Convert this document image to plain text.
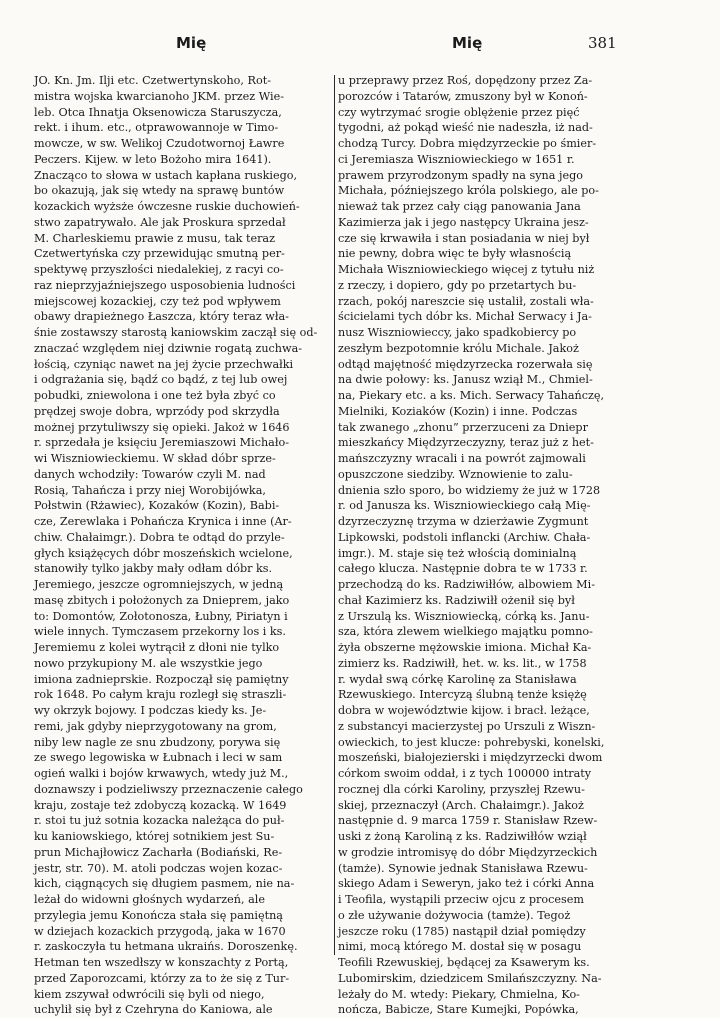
Mię	Mię	381
JO. Kn. Jm. Ilji etc. Czetwertynskoho, Rot-
mistra wojska kwarcianoho JKM. przez Wie-
leb. Otca Ihnatja Oksenowicza Staruszycza,
rekt. i ihum. etc., otprawowannoje w Timo-
mowcze, w sw. Welikoj Czudotwornoj Ławre
Peczers. Kijew. w leto Bożoho mira 1641).
Znacząco to słowa w ustach kapłana ruskiego,
bo okazują, jak się wtedy na sprawę buntów
kozackich wyżsże ówczesne ruskie duchowień-
stwo zapatrywało. Ale jak Proskura sprzedał
M. Charleskiemu prawie z musu, tak teraz
Czetwertyńska czy przewidując smutną per-
spektywę przyszłości niedalekiej, z racyi co-
raz nieprzyjaźniejszego usposobienia ludności
miejscowej kozackiej, czy też pod wpływem
obawy drapieżnego Łaszcza, który teraz wła-
śnie zostawszy starostą kaniowskim zaczął się od-
znaczać względem niej dziwnie rogatą zuchwa-
łością, czyniąc nawet na jej życie przechwałki
i odgrażania się, bądź co bądź, z tej lub owej
pobudki, zniewolona i one też była zbyć co
prędzej swoje dobra, wprzódy pod skrzydła
możnej przytuliwszy się opieki. Jakoż w 1646
r. sprzedała je księciu Jeremiaszowi Michało-
wi Wiszniowieckiemu. W skład dóbr sprze-
danych wchodziły: Towarów czyli M. nad
Rosią, Tahańcza i przy niej Worobijówka,
Połstwin (Rżawiec), Kozaków (Kozin), Babi-
cze, Zerewlaka i Pohańcza Krynica i inne (Ar-
chiw. Chałaimgr.). Dobra te odtąd do przyle-
głych książęcych dóbr moszeńskich wcielone,
stanowiły tylko jakby mały odłam dóbr ks.
Jeremiego, jeszcze ogromniejszych, w jedną
masę zbitych i położonych za Dnieprem, jako
to: Domontów, Zołotonosza, Łubny, Piriatyn i
wiele innych. Tymczasem przekorny los i ks.
Jeremiemu z kolei wytrącił z dłoni nie tylko
nowo przykupiony M. ale wszystkie jego
imiona zadnieprskie. Rozpoczął się pamiętny
rok 1648. Po całym kraju rozległ się straszli-
wy okrzyk bojowy. I podczas kiedy ks. Je-
remi, jak gdyby nieprzygotowany na grom,
niby lew nagle ze snu zbudzony, porywa się
ze swego legowiska w Łubnach i leci w sam
ogień walki i bojów krwawych, wtedy już M.,
doznawszy i podzieliwszy przeznaczenie całego
kraju, zostaje też zdobyczą kozacką. W 1649
r. stoi tu już sotnia kozacka należąca do puł-
ku kaniowskiego, której sotnikiem jest Su-
prun Michajłowicz Zacharła (Bodiański, Re-
jestr, str. 70). M. atoli podczas wojen kozac-
kich, ciągnących się długiem pasmem, nie na-
leżał do widowni głośnych wydarzeń, ale
przylegia jemu Konończa stała się pamiętną
w dziejach kozackich przygodą, jaka w 1670
r. zaskoczyła tu hetmana ukraińs. Doroszenkę.
Hetman ten wszedłszy w konszachty z Portą,
przed Zaporozcami, którzy za to że się z Tur-
kiem zszywał odwrócili się byli od niego,
uchylił się był z Czehryna do Kaniowa, ale
u przeprawy przez Roś, dopędzony przez Za-
porozców i Tatarów, zmuszony był w Konoń-
czy wytrzymać srogie oblężenie przez pięć
tygodni, aż pokąd wieść nie nadeszła, iż nad-
chodzą Turcy. Dobra międzyrzeckie po śmier-
ci Jeremiasza Wiszniowieckiego w 1651 r.
prawem przyrodzonym spadły na syna jego
Michała, późniejszego króla polskiego, ale po-
nieważ tak przez cały ciąg panowania Jana
Kazimierza jak i jego następcy Ukraina jesz-
cze się krwawiła i stan posiadania w niej był
nie pewny, dobra więc te były własnością
Michała Wiszniowieckiego więcej z tytułu niż
z rzeczy, i dopiero, gdy po przetartych bu-
rzach, pokój nareszcie się ustalił, zostali wła-
ścicielami tych dóbr ks. Michał Serwacy i Ja-
nusz Wiszniowieccy, jako spadkobiercy po
zeszłym bezpotomnie królu Michale. Jakoż
odtąd majętność międzyrzecka rozerwała się
na dwie połowy: ks. Janusz wziął M., Chmiel-
na, Piekary etc. a ks. Mich. Serwacy Tahańczę,
Mielniki, Koziaków (Kozin) i inne. Podczas
tak zwanego „zhonu” przerzuceni za Dniepr
mieszkańcy Międzyrzeczyzny, teraz już z het-
mańszczyzny wracali i na powrót zajmowali
opuszczone siedziby. Wznowienie to zalu-
dnienia szło sporo, bo widziemy że już w 1728
r. od Janusza ks. Wiszniowieckiego całą Mię-
dzyrzeczyznę trzyma w dzierżawie Zygmunt
Lipkowski, podstoli inflancki (Archiw. Chała-
imgr.). M. staje się też włością dominialną
całego klucza. Następnie dobra te w 1733 r.
przechodzą do ks. Radziwiłłów, albowiem Mi-
chał Kazimierz ks. Radziwiłł ożenił się był
z Urszulą ks. Wiszniowiecką, córką ks. Janu-
sza, która zlewem wielkiego majątku pomno-
żyła obszerne mężowskie imiona. Michał Ka-
zimierz ks. Radziwiłł, het. w. ks. lit., w 1758
r. wydał swą córkę Karolinę za Stanisława
Rzewuskiego. Intercyzą ślubną tenże księżę
dobra w województwie kijow. i bracł. leżące,
z substancyi macierzystej po Urszuli z Wiszn-
owieckich, to jest klucze: pohrebyski, konelski,
moszeński, białojezierski i międzyrzecki dwom
córkom swoim oddał, i z tych 100000 intraty
rocznej dla córki Karoliny, przyszłej Rzewu-
skiej, przeznaczył (Arch. Chałaimgr.). Jakoż
następnie d. 9 marca 1759 r. Stanisław Rzew-
uski z żoną Karoliną z ks. Radziwiłłów wziął
w grodzie intromisyę do dóbr Międzyrzeckich
(tamże). Synowie jednak Stanisława Rzewu-
skiego Adam i Seweryn, jako też i córki Anna
i Teofila, wystąpili przeciw ojcu z procesem
o złe używanie dożywocia (tamże). Tegoż
jeszcze roku (1785) nastąpił dział pomiędzy
nimi, mocą którego M. dostał się w posagu
Teofili Rzewuskiej, będącej za Ksawerym ks.
Lubomirskim, dziedzicem Smilańszczyzny. Na-
leżały do M. wtedy: Piekary, Chmielna, Ko-
nończa, Babicze, Stare Kumejki, Popówka,
